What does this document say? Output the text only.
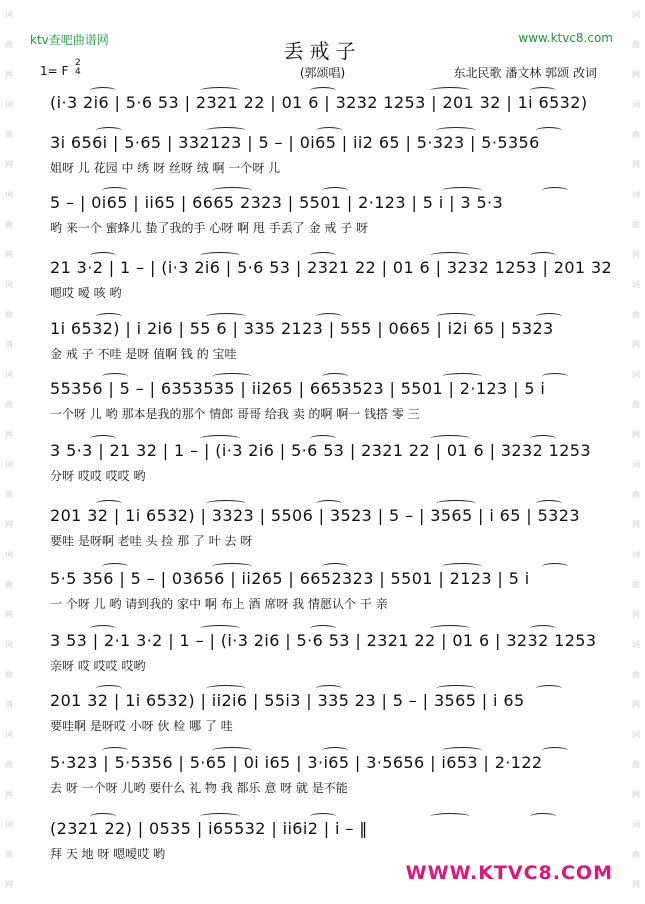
词
曲
网
词
曲
网
词
曲
网
词
曲
网
词
曲
网
词
曲
网
词
曲
网
词
曲
网
词
曲
网
词
曲
网
词
曲
网
词
曲
网
词
曲
网
词
曲
网
词
曲
网
词
曲
网
词
曲
网
词
曲
网
词
曲
网
词
曲
网
ktv查吧曲谱网	www.ktvc8.com
丢戒子
1= F
2
4	(郭颂唱)	东北民歌 潘文林 郭颂 改词
(i·3 2i6 | 5·6 53 | 2321 22 | 01 6 | 3232 1253 | 201 32 | 1i 6532)
3i 656i | 5·65 | 332123 | 5 – | 0i65 | ii2 65 | 5·323 | 5·5356
姐呀 儿 花园 中 绣 呀 丝呀 绒 啊 一个呀 儿
5 – | 0i65 | ii65 | 6665 2323 | 5501 | 2·123 | 5 i | 3 5·3
哟 来一个 蜜蜂儿 蛰了我的手 心呀 啊 甩 手丢了 金 戒 子 呀
21 3·2 | 1 – | (i·3 2i6 | 5·6 53 | 2321 22 | 01 6 | 3232 1253 | 201 32
嗯哎 嗳 咳 哟
1i 6532) | i 2i6 | 55 6 | 335 2123 | 555 | 0665 | i2i 65 | 5323
金 戒 子 不哇 是呀 值啊 钱 的 宝哇
55356 | 5 – | 6353535 | ii265 | 6653523 | 5501 | 2·123 | 5 i
一个呀 儿 哟 那本是我的那个 情郎 哥哥 给我 卖 的啊 啊一 钱搭 零 三
3 5·3 | 21 32 | 1 – | (i·3 2i6 | 5·6 53 | 2321 22 | 01 6 | 3232 1253
分呀 哎哎 哎哎 哟
201 32 | 1i 6532) | 3323 | 5506 | 3523 | 5 – | 3565 | i 65 | 5323
要哇 是呀啊 老哇 头 捡 那 了 叶 去 呀
5·5 356 | 5 – | 03656 | ii265 | 6652323 | 5501 | 2123 | 5 i
一 个呀 儿 哟 请到我的 家中 啊 布上 酒 席呀 我 情愿认个 干 亲
3 53 | 2·1 3·2 | 1 – | (i·3 2i6 | 5·6 53 | 2321 22 | 01 6 | 3232 1253
亲呀 哎 哎哎 哎哟
201 32 | 1i 6532) | ii2i6 | 55i3 | 335 23 | 5 – | 3565 | i 65
要哇啊 是呀哎 小呀 伙 检 哪 了 哇
5·323 | 5·5356 | 5·65 | 0i i65 | 3·i65 | 3·5656 | i653 | 2·122
去 呀 一个呀 儿哟 要什么 礼 物 我 都乐 意 呀 就 是不能
(2321 22) | 0535 | i65532 | ii6i2 | i – ‖
拜 天 地 呀 嗯嗳哎 哟
WWW.KTVC8.COM
